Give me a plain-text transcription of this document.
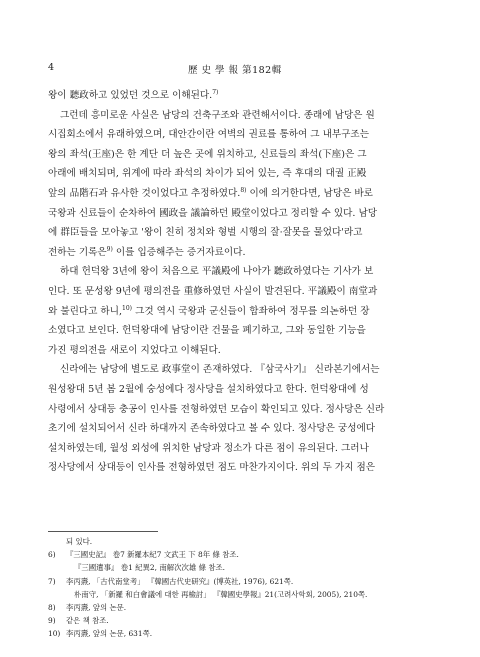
4	歷 史 學 報 第182輯
왕이 聽政하고 있었던 것으로 이해된다.$^{7)}$
그런데 흥미로운 사실은 남당의 건축구조와 관련해서이다. 종래에 남당은 원
시집회소에서 유래하였으며, 대안간이란 여벽의 권료를 통하여 그 내부구조는
왕의 좌석(王座)은 한 계단 더 높은 곳에 위치하고, 신료들의 좌석(下座)은 그
아래에 배치되며, 위계에 따라 좌석의 차이가 되어 있는, 즉 후대의 대궐 正殿
앞의 品階石과 유사한 것이었다고 추정하였다.$^{8)}$ 이에 의거한다면, 남당은 바로
국왕과 신료들이 순차하여 國政을 議論하던 殿堂이었다고 정리할 수 있다. 남당
에 群臣들을 모아놓고 '왕이 친히 정치와 형벌 시행의 잘·잘못을 물었다'라고
전하는 기록은$^{9)}$ 이를 입증해주는 증거자료이다.
하대 헌덕왕 3년에 왕이 처음으로 平議殿에 나아가 聽政하였다는 기사가 보
인다. 또 문성왕 9년에 평의전을 重修하였던 사실이 발견된다. 平議殿이 南堂과
와 불린다고 하니,$^{10)}$ 그것 역시 국왕과 군신들이 합좌하여 정무를 의논하던 장
소였다고 보인다. 헌덕왕대에 남당이란 건물을 폐기하고, 그와 동일한 기능을
가진 평의전을 새로이 지었다고 이해된다.
신라에는 남당에 별도로 政事堂이 존재하였다. 『삼국사기』 신라본기에서는
원성왕대 5년 봄 2월에 숭성에다 정사당을 설치하였다고 한다. 헌덕왕대에 성
사령에서 상대등 충공이 인사를 전형하였던 모습이 확인되고 있다. 정사당은 신라
초기에 설치되어서 신라 하대까지 존속하였다고 볼 수 있다. 정사당은 궁성에다
설치하였는데, 월성 외성에 위치한 남당과 정소가 다른 점이 유의된다. 그러나
정사당에서 상대등이 인사를 전형하였던 점도 마찬가지이다. 위의 두 가지 점은
되 있다.
6) 『三國史記』 卷7 新羅本紀7 文武王 下 8年 條 참조.
『三國遺事』 卷1 紀異2, 南解次次雄 條 참조.
7) 李丙燾, 「古代南堂考」 『韓國古代史研究』(博英社, 1976), 621쪽.
朴南守, 「新羅 和白會議에 대한 再檢討」 『韓國史學報』21(고려사학회, 2005), 210쪽.
8) 李丙燾, 앞의 논문.
9) 같은 책 참조.
10) 李丙燾, 앞의 논문, 631쪽.
